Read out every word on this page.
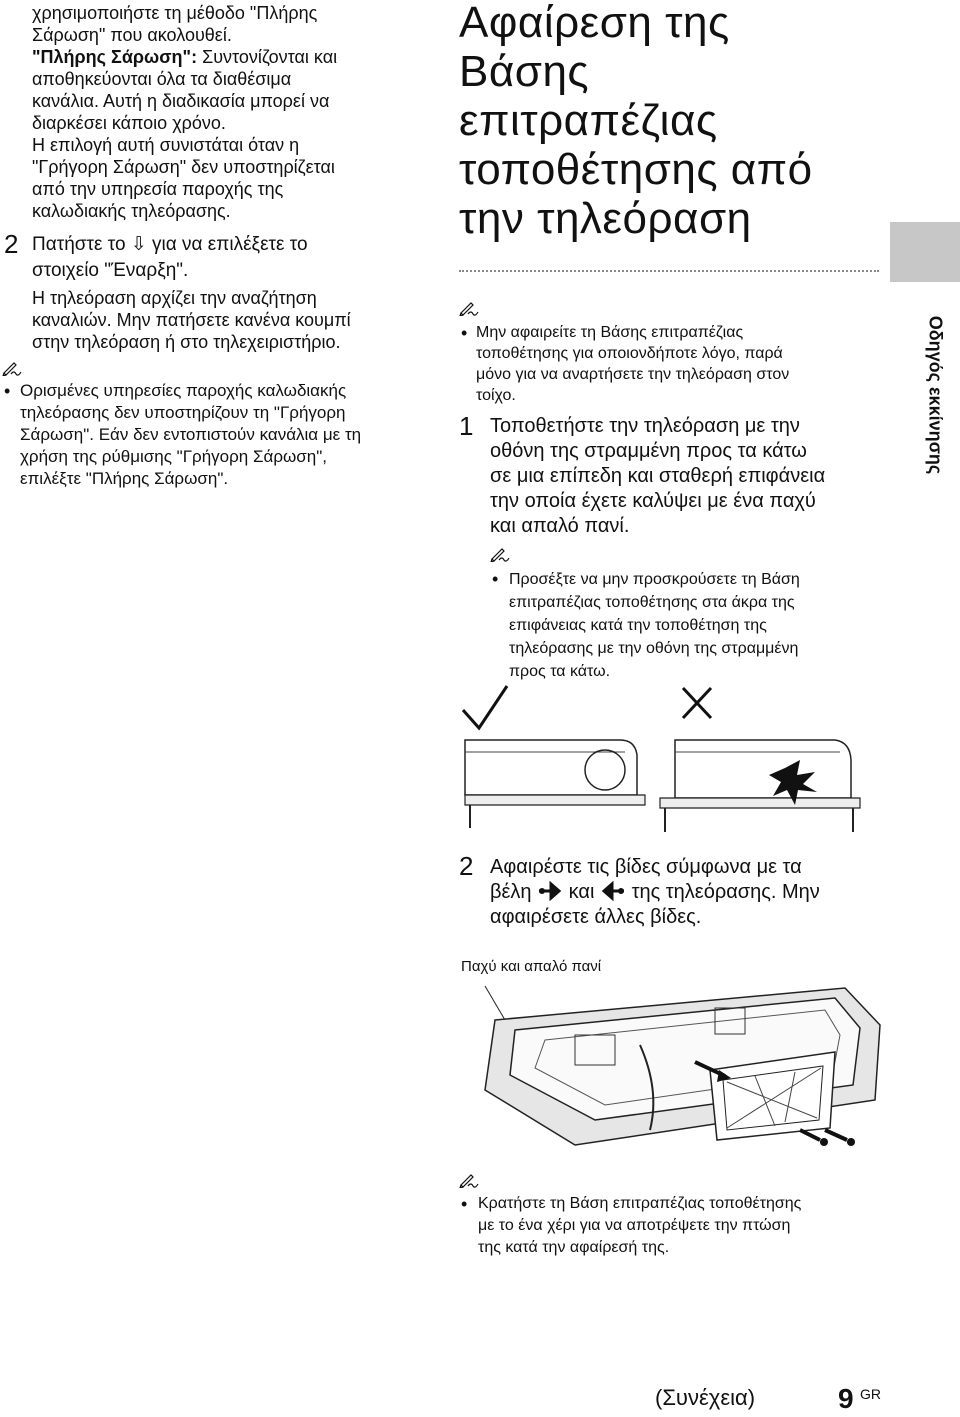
χρησιμοποιήστε τη μέθοδο "Πλήρης
Σάρωση" που ακολουθεί.
"Πλήρης Σάρωση": Συντονίζονται και
αποθηκεύονται όλα τα διαθέσιμα
κανάλια. Αυτή η διαδικασία μπορεί να
διαρκέσει κάποιο χρόνο.
Η επιλογή αυτή συνιστάται όταν η
"Γρήγορη Σάρωση" δεν υποστηρίζεται
από την υπηρεσία παροχής της
καλωδιακής τηλεόρασης.
2 Πατήστε το ⇩ για να επιλέξετε το
στοιχείο "Έναρξη".
Η τηλεόραση αρχίζει την αναζήτηση
καναλιών. Μην πατήσετε κανένα κουμπί
στην τηλεόραση ή στο τηλεχειριστήριο.
• Ορισμένες υπηρεσίες παροχής καλωδιακής
τηλεόρασης δεν υποστηρίζουν τη "Γρήγορη
Σάρωση". Εάν δεν εντοπιστούν κανάλια με τη
χρήση της ρύθμισης "Γρήγορη Σάρωση",
επιλέξτε "Πλήρης Σάρωση".
Αφαίρεση της
Βάσης
επιτραπέζιας
τοποθέτησης από
την τηλεόραση
• Μην αφαιρείτε τη Βάσης επιτραπέζιας
τοποθέτησης για οποιονδήποτε λόγο, παρά
μόνο για να αναρτήσετε την τηλεόραση στον
τοίχο.
1 Τοποθετήστε την τηλεόραση με την
οθόνη της στραμμένη προς τα κάτω
σε μια επίπεδη και σταθερή επιφάνεια
την οποία έχετε καλύψει με ένα παχύ
και απαλό πανί.
• Προσέξτε να μην προσκρούσετε τη Βάση
επιτραπέζιας τοποθέτησης στα άκρα της
επιφάνειας κατά την τοποθέτηση της
τηλεόρασης με την οθόνη της στραμμένη
προς τα κάτω.
2 Αφαιρέστε τις βίδες σύμφωνα με τα
βέλη και της τηλεόρασης. Μην
αφαιρέσετε άλλες βίδες.
Παχύ και απαλό πανί
• Κρατήστε τη Βάση επιτραπέζιας τοποθέτησης
με το ένα χέρι για να αποτρέψετε την πτώση
της κατά την αφαίρεσή της.
Οδηγός εκκίνησης
(Συνέχεια)	9 GR
